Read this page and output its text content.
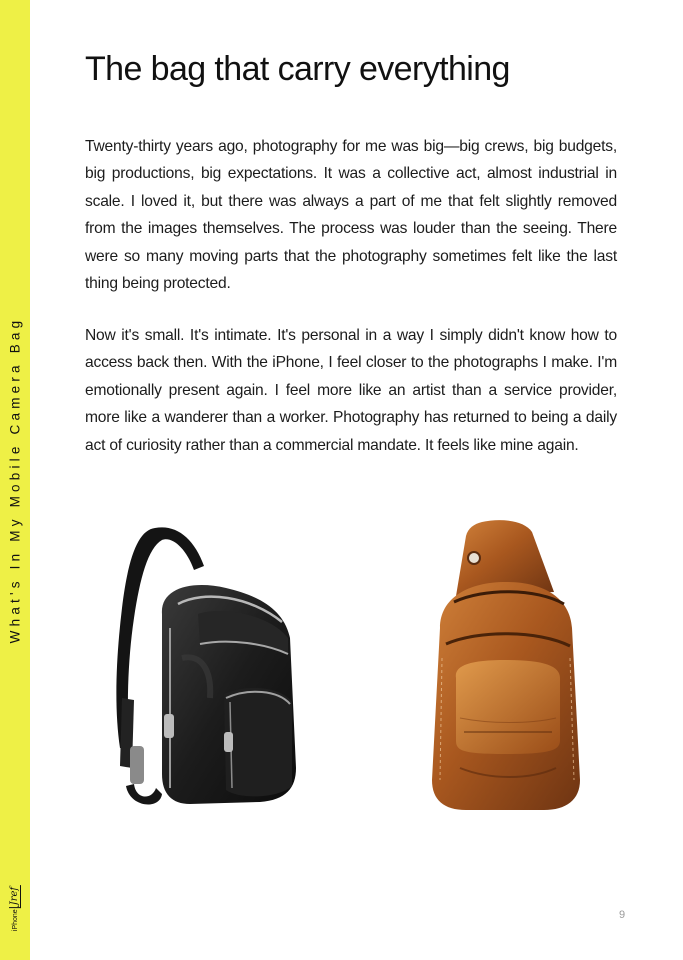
What's In My Mobile Camera Bag
iPhone
Jref
The bag that carry everything

Twenty-thirty years ago, photography for me was big—big crews, big budgets, big productions, big expectations. It was a collective act, almost industrial in scale. I loved it, but there was always a part of me that felt slightly removed from the images themselves. The process was louder than the seeing. There were so many moving parts that the photography sometimes felt like the last thing being protected.

Now it's small. It's intimate. It's personal in a way I simply didn't know how to access back then. With the iPhone, I feel closer to the photographs I make. I'm emotionally present again. I feel more like an artist than a service provider, more like a wanderer than a worker. Photography has returned to being a daily act of curiosity rather than a commercial mandate. It feels like mine again.

9
